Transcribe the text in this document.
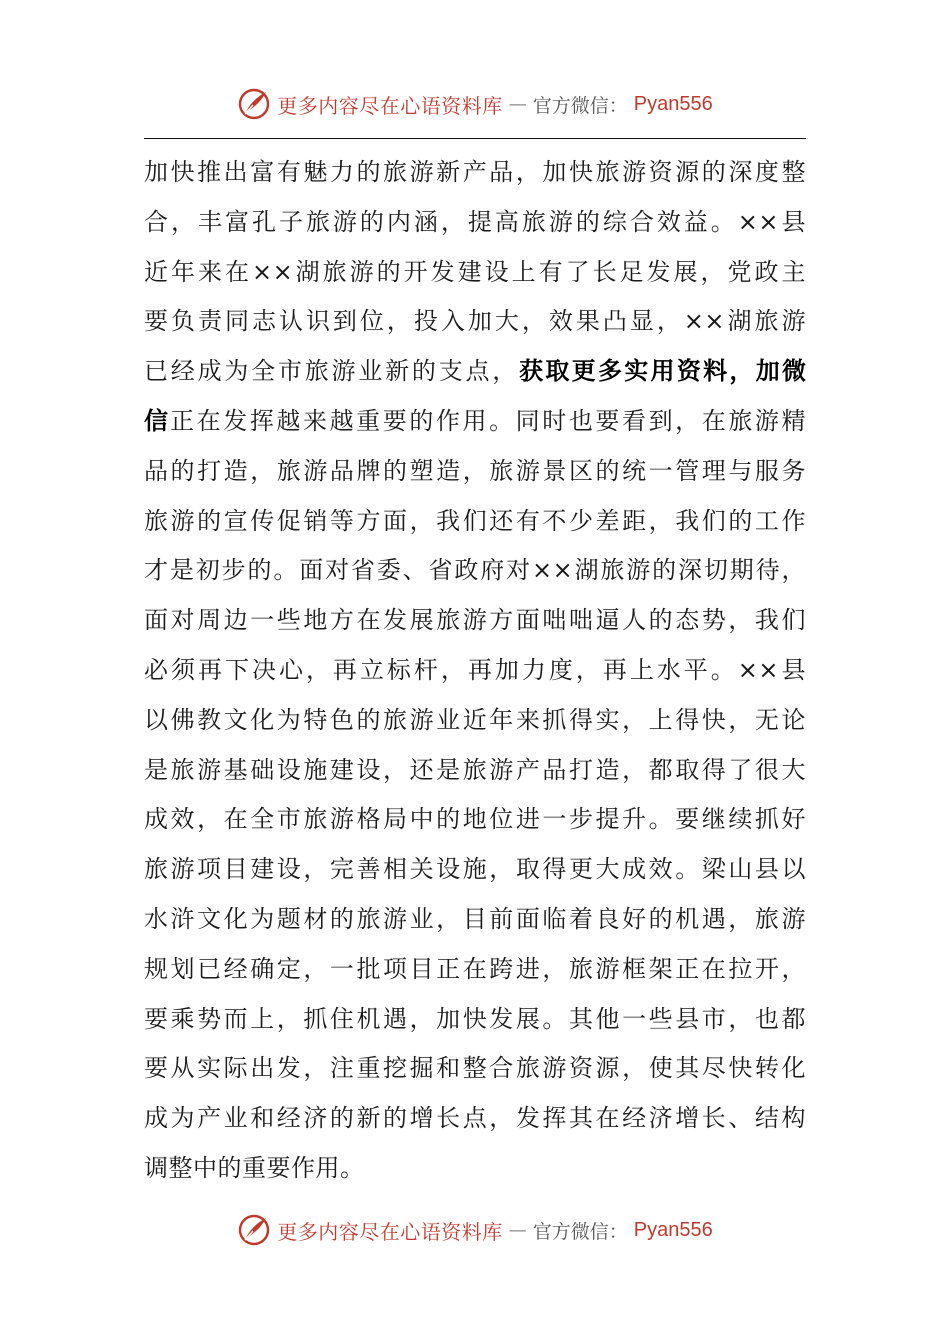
更多内容尽在心语资料库 — 官方微信： Pyan556
加快推出富有魅力的旅游新产品，加快旅游资源的深度整
合，丰富孔子旅游的内涵，提高旅游的综合效益。××县
近年来在××湖旅游的开发建设上有了长足发展，党政主
要负责同志认识到位，投入加大，效果凸显，××湖旅游
已经成为全市旅游业新的支点，获取更多实用资料，加微
信正在发挥越来越重要的作用。同时也要看到，在旅游精
品的打造，旅游品牌的塑造，旅游景区的统一管理与服务
旅游的宣传促销等方面，我们还有不少差距，我们的工作
才是初步的。面对省委、省政府对××湖旅游的深切期待，
面对周边一些地方在发展旅游方面咄咄逼人的态势，我们
必须再下决心，再立标杆，再加力度，再上水平。××县
以佛教文化为特色的旅游业近年来抓得实，上得快，无论
是旅游基础设施建设，还是旅游产品打造，都取得了很大
成效，在全市旅游格局中的地位进一步提升。要继续抓好
旅游项目建设，完善相关设施，取得更大成效。梁山县以
水浒文化为题材的旅游业，目前面临着良好的机遇，旅游
规划已经确定，一批项目正在跨进，旅游框架正在拉开，
要乘势而上，抓住机遇，加快发展。其他一些县市，也都
要从实际出发，注重挖掘和整合旅游资源，使其尽快转化
成为产业和经济的新的增长点，发挥其在经济增长、结构
调整中的重要作用。
更多内容尽在心语资料库 — 官方微信： Pyan556
